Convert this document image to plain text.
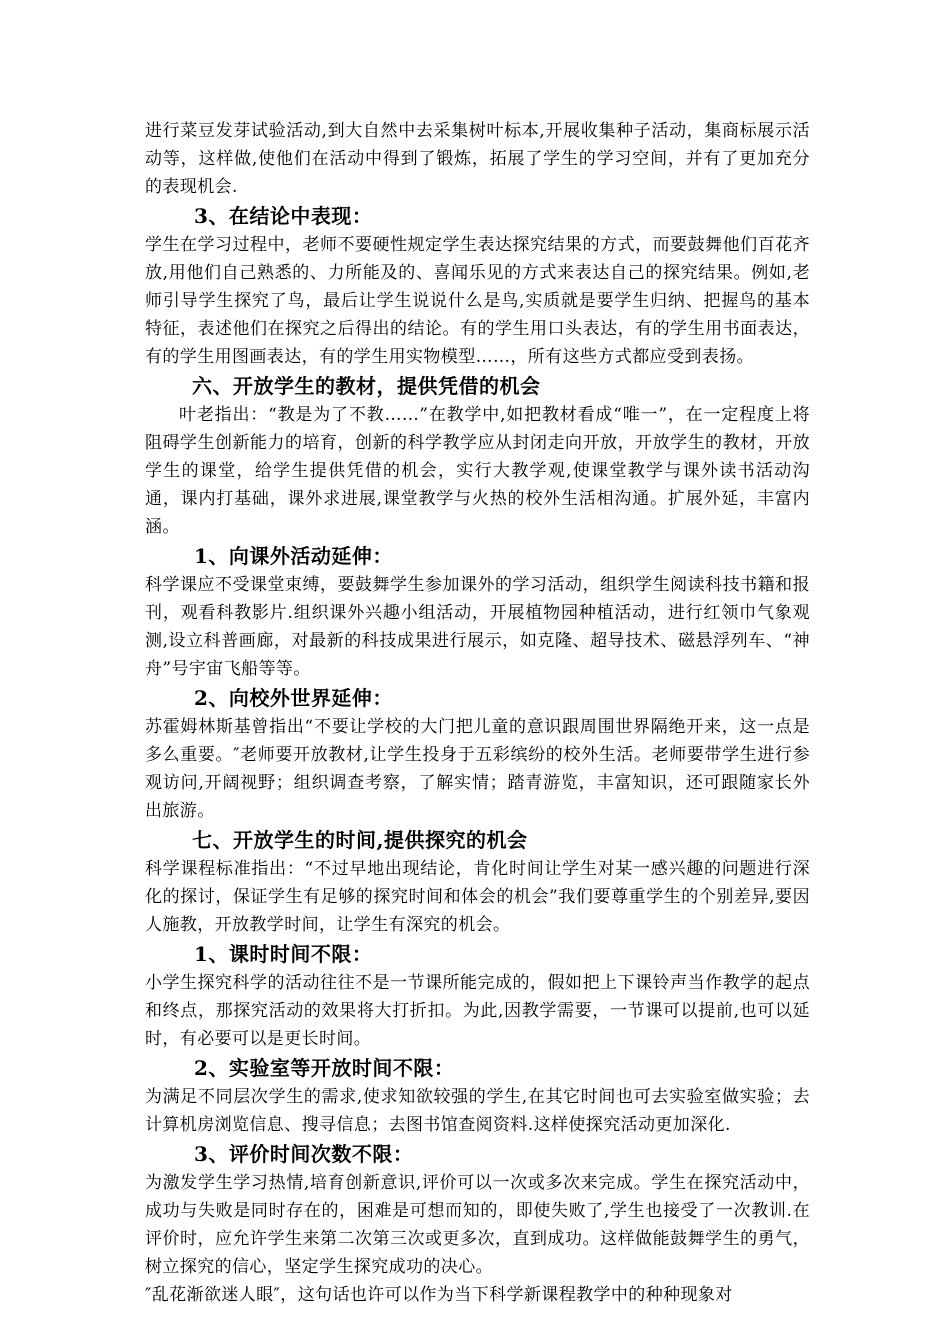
进行菜豆发芽试验活动,到大自然中去采集树叶标本,开展收集种子活动，集商标展示活动等，这样做,使他们在活动中得到了锻炼，拓展了学生的学习空间，并有了更加充分的表现机会.

3、在结论中表现：

学生在学习过程中，老师不要硬性规定学生表达探究结果的方式，而要鼓舞他们百花齐放,用他们自己熟悉的、力所能及的、喜闻乐见的方式来表达自己的探究结果。例如,老师引导学生探究了鸟，最后让学生说说什么是鸟,实质就是要学生归纳、把握鸟的基本特征，表述他们在探究之后得出的结论。有的学生用口头表达，有的学生用书面表达，有的学生用图画表达，有的学生用实物模型……，所有这些方式都应受到表扬。

六、开放学生的教材，提供凭借的机会

叶老指出：“教是为了不教……”在教学中,如把教材看成“唯一”，在一定程度上将阻碍学生创新能力的培育，创新的科学教学应从封闭走向开放，开放学生的教材，开放学生的课堂，给学生提供凭借的机会，实行大教学观,使课堂教学与课外读书活动沟通，课内打基础，课外求进展,课堂教学与火热的校外生活相沟通。扩展外延，丰富内涵。

1、向课外活动延伸：

科学课应不受课堂束缚，要鼓舞学生参加课外的学习活动，组织学生阅读科技书籍和报刊，观看科教影片.组织课外兴趣小组活动，开展植物园种植活动，进行红领巾气象观测,设立科普画廊，对最新的科技成果进行展示，如克隆、超导技术、磁悬浮列车、“神舟”号宇宙飞船等等。

2、向校外世界延伸：

苏霍姆林斯基曾指出“不要让学校的大门把儿童的意识跟周围世界隔绝开来，这一点是多么重要。″老师要开放教材,让学生投身于五彩缤纷的校外生活。老师要带学生进行参观访问,开阔视野；组织调查考察，了解实情；踏青游览，丰富知识，还可跟随家长外出旅游。

七、开放学生的时间,提供探究的机会

科学课程标准指出：“不过早地出现结论，肯化时间让学生对某一感兴趣的问题进行深化的探讨，保证学生有足够的探究时间和体会的机会”我们要尊重学生的个别差异,要因人施教，开放教学时间，让学生有深究的机会。

1、课时时间不限：

小学生探究科学的活动往往不是一节课所能完成的，假如把上下课铃声当作教学的起点和终点，那探究活动的效果将大打折扣。为此,因教学需要，一节课可以提前,也可以延时，有必要可以是更长时间。

2、实验室等开放时间不限：

为满足不同层次学生的需求,使求知欲较强的学生,在其它时间也可去实验室做实验；去计算机房浏览信息、搜寻信息；去图书馆查阅资料.这样使探究活动更加深化.

3、评价时间次数不限：

为激发学生学习热情,培育创新意识,评价可以一次或多次来完成。学生在探究活动中，成功与失败是同时存在的，困难是可想而知的，即使失败了,学生也接受了一次教训.在评价时，应允许学生来第二次第三次或更多次，直到成功。这样做能鼓舞学生的勇气，树立探究的信心，坚定学生探究成功的决心。

″乱花渐欲迷人眼″，这句话也许可以作为当下科学新课程教学中的种种现象对
